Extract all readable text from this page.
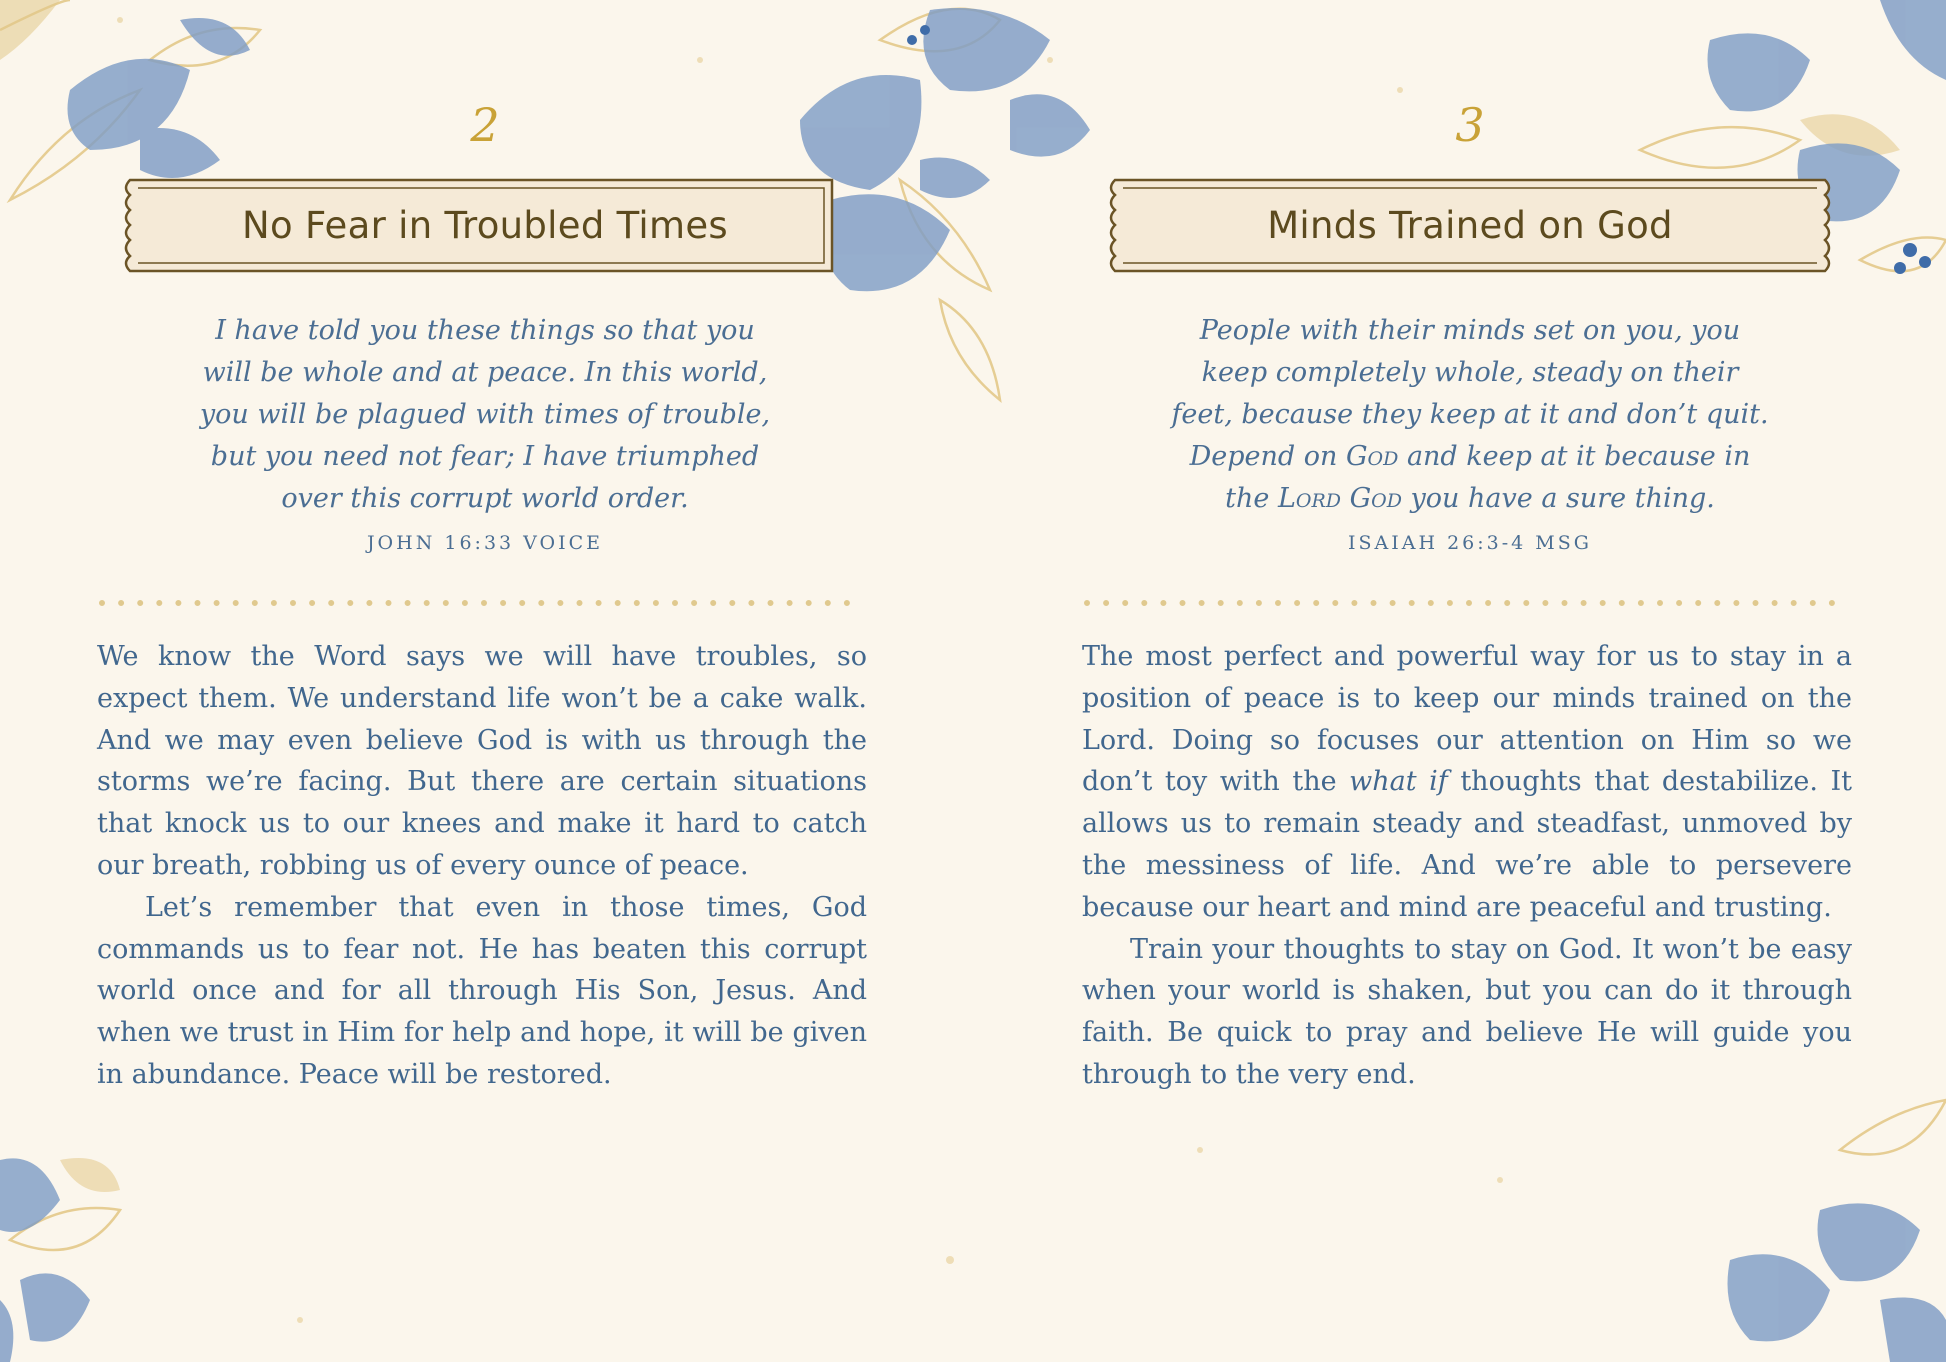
2
No Fear in Troubled Times
I have told you these things so that you
will be whole and at peace. In this world,
you will be plagued with times of trouble,
but you need not fear; I have triumphed
over this corrupt world order.
JOHN 16:33 VOICE

We know the Word says we will have troubles, so expect them. We understand life won’t be a cake walk. And we may even believe God is with us through the storms we’re facing. But there are certain situations that knock us to our knees and make it hard to catch our breath, robbing us of every ounce of peace.

Let’s remember that even in those times, God commands us to fear not. He has beaten this corrupt world once and for all through His Son, Jesus. And when we trust in Him for help and hope, it will be given in abundance. Peace will be restored.

3
Minds Trained on God
People with their minds set on you, you
keep completely whole, steady on their
feet, because they keep at it and don’t quit.
Depend on God and keep at it because in
the Lord God you have a sure thing.
ISAIAH 26:3-4 MSG

The most perfect and powerful way for us to stay in a position of peace is to keep our minds trained on the Lord. Doing so focuses our attention on Him so we don’t toy with the what if thoughts that destabilize. It allows us to remain steady and steadfast, unmoved by the messiness of life. And we’re able to persevere because our heart and mind are peaceful and trusting.

Train your thoughts to stay on God. It won’t be easy when your world is shaken, but you can do it through faith. Be quick to pray and believe He will guide you through to the very end.
